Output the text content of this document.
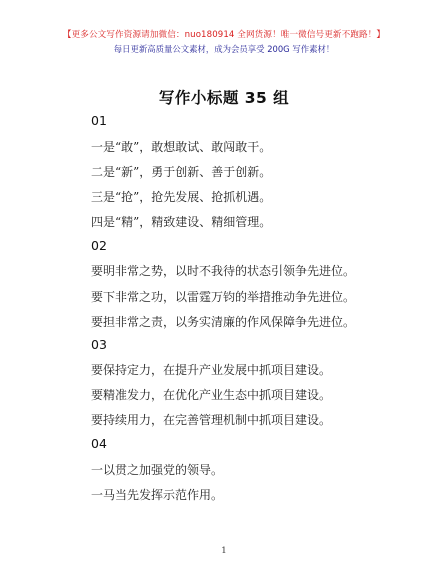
【更多公文写作资源请加微信：nuo180914 全网货源！唯一微信号更新不跑路！】
每日更新高质量公文素材，成为会员享受 200G 写作素材！
写作小标题 35 组
01
一是“敢”，敢想敢试、敢闯敢干。
二是“新”，勇于创新、善于创新。
三是“抢”，抢先发展、抢抓机遇。
四是“精”，精致建设、精细管理。
02
要明非常之势，以时不我待的状态引领争先进位。
要下非常之功，以雷霆万钧的举措推动争先进位。
要担非常之责，以务实清廉的作风保障争先进位。
03
要保持定力，在提升产业发展中抓项目建设。
要精准发力，在优化产业生态中抓项目建设。
要持续用力，在完善管理机制中抓项目建设。
04
一以贯之加强党的领导。
一马当先发挥示范作用。
1
